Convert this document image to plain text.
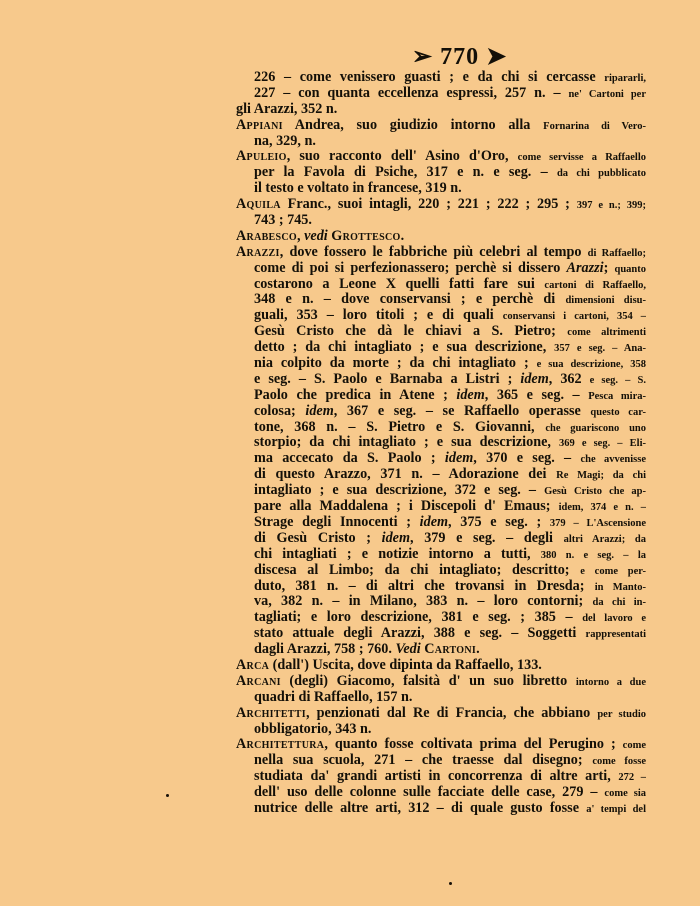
➢ 770 ➤
226 – come venissero guasti ; e da chi si cercasse ripararli,
227 – con quanta eccellenza espressi, 257 n. – ne' Cartoni per
gli Arazzi, 352 n.
Appiani Andrea, suo giudizio intorno alla Fornarina di Vero-
na, 329, n.
Apuleio, suo racconto dell' Asino d'Oro, come servisse a Raffaello
per la Favola di Psiche, 317 e n. e seg. – da chi pubblicato
il testo e voltato in francese, 319 n.
Aquila Franc., suoi intagli, 220 ; 221 ; 222 ; 295 ; 397 e n.; 399;
743 ; 745.
Arabesco, vedi Grottesco.
Arazzi, dove fossero le fabbriche più celebri al tempo di Raffaello;
come di poi si perfezionassero; perchè si dissero Arazzi; quanto
costarono a Leone X quelli fatti fare sui cartoni di Raffaello,
348 e n. – dove conservansi ; e perchè di dimensioni disu-
guali, 353 – loro titoli ; e di quali conservansi i cartoni, 354 –
Gesù Cristo che dà le chiavi a S. Pietro; come altrimenti
detto ; da chi intagliato ; e sua descrizione, 357 e seg. – Ana-
nia colpito da morte ; da chi intagliato ; e sua descrizione, 358
e seg. – S. Paolo e Barnaba a Listri ; idem, 362 e seg. – S.
Paolo che predica in Atene ; idem, 365 e seg. – Pesca mira-
colosa; idem, 367 e seg. – se Raffaello operasse questo car-
tone, 368 n. – S. Pietro e S. Giovanni, che guariscono uno
storpio; da chi intagliato ; e sua descrizione, 369 e seg. – Eli-
ma accecato da S. Paolo ; idem, 370 e seg. – che avvenisse
di questo Arazzo, 371 n. – Adorazione dei Re Magi; da chi
intagliato ; e sua descrizione, 372 e seg. – Gesù Cristo che ap-
pare alla Maddalena ; i Discepoli d' Emaus; idem, 374 e n. –
Strage degli Innocenti ; idem, 375 e seg. ; 379 – L'Ascensione
di Gesù Cristo ; idem, 379 e seg. – degli altri Arazzi; da
chi intagliati ; e notizie intorno a tutti, 380 n. e seg. – la
discesa al Limbo; da chi intagliato; descritto; e come per-
duto, 381 n. – di altri che trovansi in Dresda; in Manto-
va, 382 n. – in Milano, 383 n. – loro contorni; da chi in-
tagliati; e loro descrizione, 381 e seg. ; 385 – del lavoro e
stato attuale degli Arazzi, 388 e seg. – Soggetti rappresentati
dagli Arazzi, 758 ; 760. Vedi Cartoni.
Arca (dall') Uscita, dove dipinta da Raffaello, 133.
Arcani (degli) Giacomo, falsità d' un suo libretto intorno a due
quadri di Raffaello, 157 n.
Architetti, penzionati dal Re di Francia, che abbiano per studio
obbligatorio, 343 n.
Architettura, quanto fosse coltivata prima del Perugino ; come
nella sua scuola, 271 – che traesse dal disegno; come fosse
studiata da' grandi artisti in concorrenza di altre arti, 272 –
dell' uso delle colonne sulle facciate delle case, 279 – come sia
nutrice delle altre arti, 312 – di quale gusto fosse a' tempi del
